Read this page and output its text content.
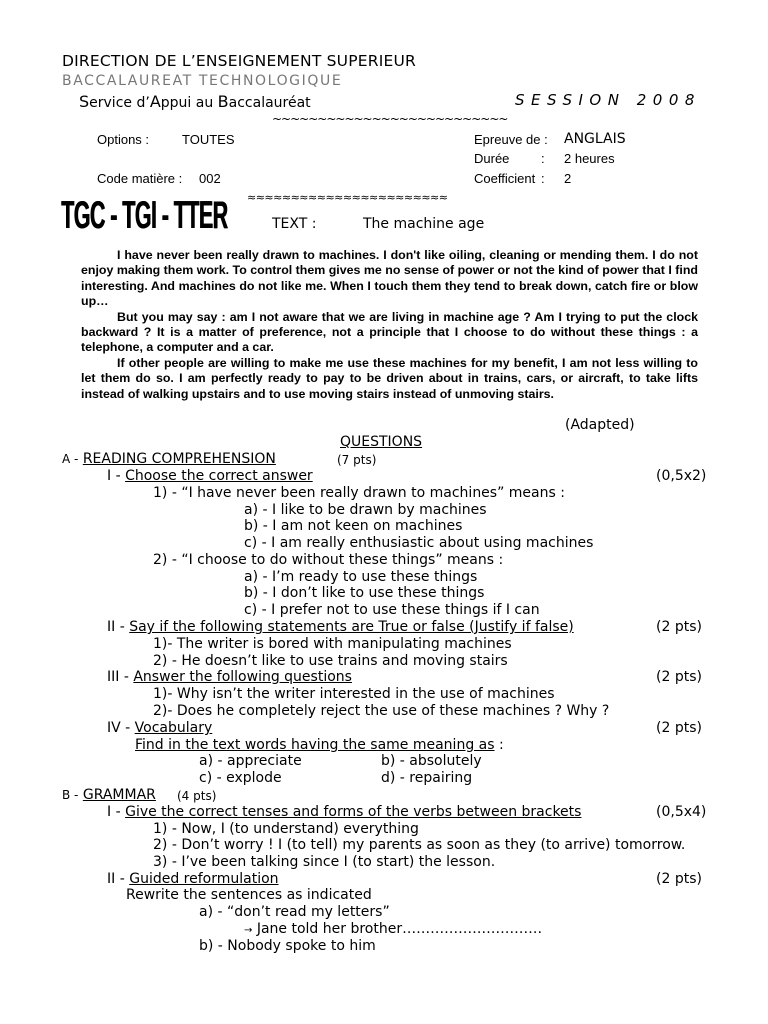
DIRECTION DE L’ENSEIGNEMENT SUPERIEUR
BACCALAUREAT TECHNOLOGIQUE
Service d’Appui au Baccalauréat	SESSION 2008
~~~~~~~~~~~~~~~~~~~~~~~~~~
Options :	TOUTES
Code matière : 002
Epreuve de : ANGLAIS
Durée : 2 heures
Coefficient : 2
TGC - TGI - TTER ≈≈≈≈≈≈≈≈≈≈≈≈≈≈≈≈≈≈≈≈≈≈≈
TEXT :	The machine age

I have never been really drawn to machines. I don't like oiling, cleaning or mending them. I do not enjoy making them work. To control them gives me no sense of power or not the kind of power that I find interesting. And machines do not like me. When I touch them they tend to break down, catch fire or blow up…

But you may say : am I not aware that we are living in machine age ? Am I trying to put the clock backward ? It is a matter of preference, not a principle that I choose to do without these things : a telephone, a computer and a car.

If other people are willing to make me use these machines for my benefit, I am not less willing to let them do so. I am perfectly ready to pay to be driven about in trains, cars, or aircraft, to take lifts instead of walking upstairs and to use moving stairs instead of unmoving stairs.

(Adapted)
QUESTIONS
A - READING COMPREHENSION	(7 pts)
I - Choose the correct answer	(0,5x2)
1) - “I have never been really drawn to machines” means :
a) - I like to be drawn by machines
b) - I am not keen on machines
c) - I am really enthusiastic about using machines
2) - “I choose to do without these things” means :
a) - I’m ready to use these things
b) - I don’t like to use these things
c) - I prefer not to use these things if I can
II - Say if the following statements are True or false (Justify if false)	(2 pts)
1)- The writer is bored with manipulating machines
2) - He doesn’t like to use trains and moving stairs
III - Answer the following questions	(2 pts)
1)- Why isn’t the writer interested in the use of machines
2)- Does he completely reject the use of these machines ? Why ?
IV - Vocabulary	(2 pts)
Find in the text words having the same meaning as :
a) - appreciate	b) - absolutely
c) - explode	d) - repairing
B - GRAMMAR (4 pts)
I - Give the correct tenses and forms of the verbs between brackets	(0,5x4)
1) - Now, I (to understand) everything
2) - Don’t worry ! I (to tell) my parents as soon as they (to arrive) tomorrow.
3) - I’ve been talking since I (to start) the lesson.
II - Guided reformulation	(2 pts)
Rewrite the sentences as indicated
a) - “don’t read my letters”
→ Jane told her brother…………………………
b) - Nobody spoke to him
